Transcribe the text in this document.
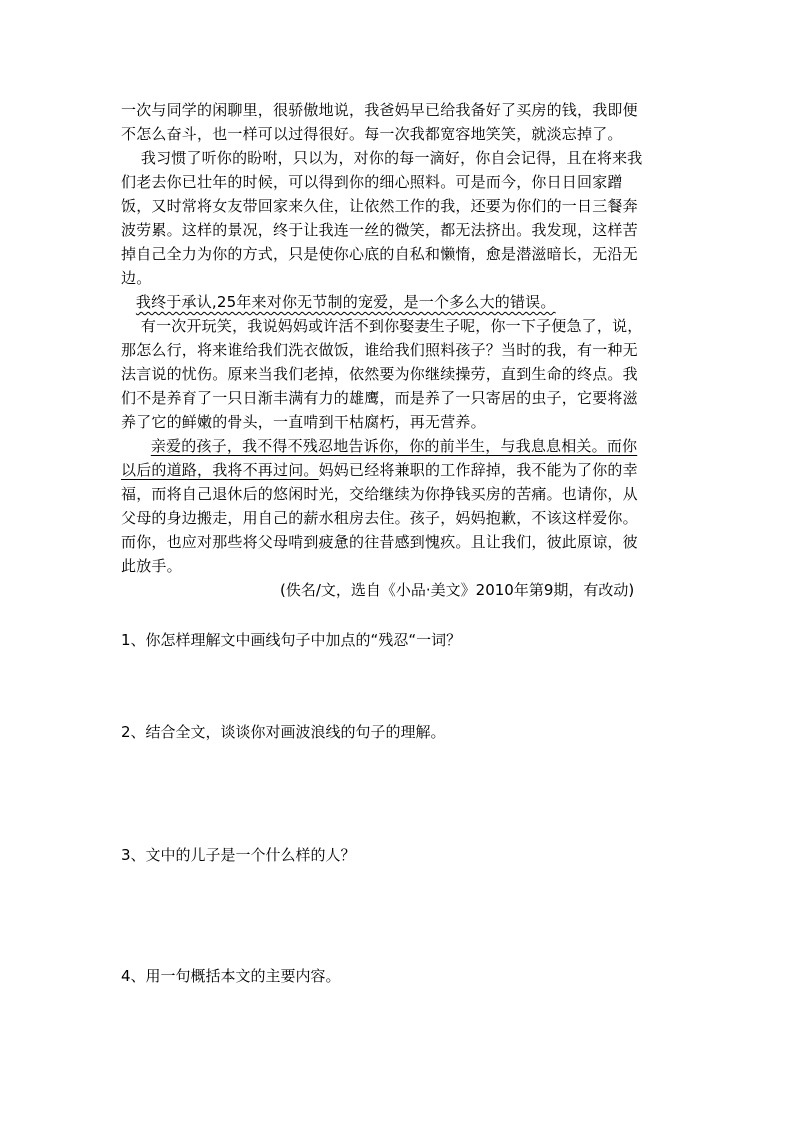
一次与同学的闲聊里，很骄傲地说，我爸妈早已给我备好了买房的钱，我即便
不怎么奋斗，也一样可以过得很好。每一次我都宽容地笑笑，就淡忘掉了。
我习惯了听你的盼咐，只以为，对你的每一滴好，你自会记得，且在将来我
们老去你已壮年的时候，可以得到你的细心照料。可是而今，你日日回家蹭
饭，又时常将女友带回家来久住，让依然工作的我，还要为你们的一日三餐奔
波劳累。这样的景况，终于让我连一丝的微笑，都无法挤出。我发现，这样苦
掉自己全力为你的方式，只是使你心底的自私和懒惰，愈是潜滋暗长，无沿无
边。
我终于承认,25年来对你无节制的宠爱，是一个多么大的错误。
有一次开玩笑，我说妈妈或许活不到你娶妻生子呢，你一下子便急了，说，
那怎么行，将来谁给我们洗衣做饭，谁给我们照料孩子？当时的我，有一种无
法言说的忧伤。原来当我们老掉，依然要为你继续操劳，直到生命的终点。我
们不是养育了一只日渐丰满有力的雄鹰，而是养了一只寄居的虫子，它要将滋
养了它的鲜嫩的骨头，一直啃到干枯腐朽，再无营养。
亲爱的孩子，我不得不残忍地告诉你，你的前半生，与我息息相关。而你
以后的道路，我将不再过问。妈妈已经将兼职的工作辞掉，我不能为了你的幸
福，而将自己退休后的悠闲时光，交给继续为你挣钱买房的苦痛。也请你，从
父母的身边搬走，用自己的薪水租房去住。孩子，妈妈抱歉，不该这样爱你。
而你，也应对那些将父母啃到疲惫的往昔感到愧疚。且让我们，彼此原谅，彼
此放手。
(佚名/文，选自《小品·美文》2010年第9期，有改动)
1、你怎样理解文中画线句子中加点的“残忍“一词？
2、结合全文，谈谈你对画波浪线的句子的理解。
3、文中的儿子是一个什么样的人？
4、用一句概括本文的主要内容。
